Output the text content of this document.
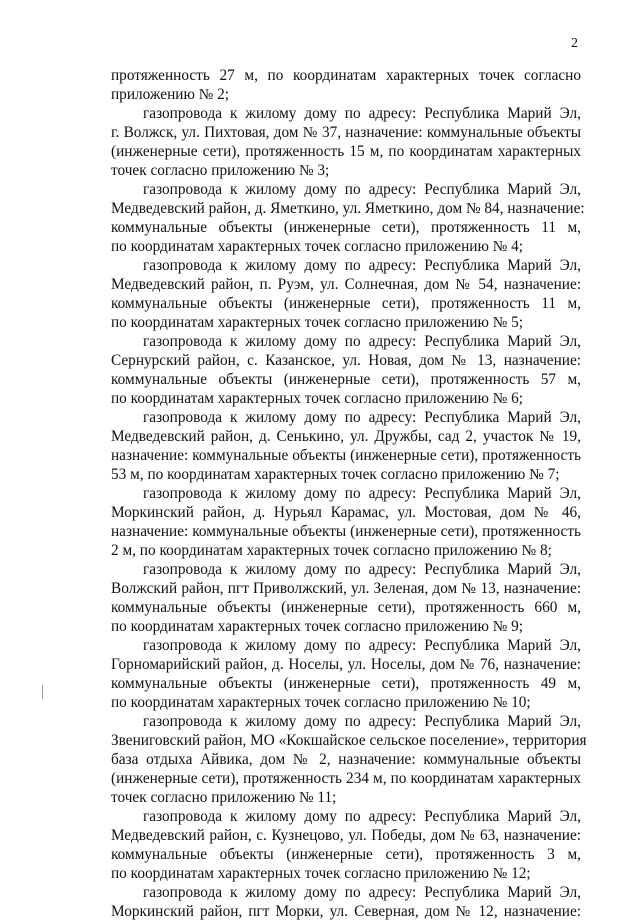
2
протяженность 27 м, по координатам характерных точек согласно
приложению № 2;
газопровода к жилому дому по адресу: Республика Марий Эл,
г. Волжск, ул. Пихтовая, дом № 37, назначение: коммунальные объекты
(инженерные сети), протяженность 15 м, по координатам характерных
точек согласно приложению № 3;
газопровода к жилому дому по адресу: Республика Марий Эл,
Медведевский район, д. Яметкино, ул. Яметкино, дом № 84, назначение:
коммунальные объекты (инженерные сети), протяженность 11 м,
по координатам характерных точек согласно приложению № 4;
газопровода к жилому дому по адресу: Республика Марий Эл,
Медведевский район, п. Руэм, ул. Солнечная, дом № 54, назначение:
коммунальные объекты (инженерные сети), протяженность 11 м,
по координатам характерных точек согласно приложению № 5;
газопровода к жилому дому по адресу: Республика Марий Эл,
Сернурский район, с. Казанское, ул. Новая, дом № 13, назначение:
коммунальные объекты (инженерные сети), протяженность 57 м,
по координатам характерных точек согласно приложению № 6;
газопровода к жилому дому по адресу: Республика Марий Эл,
Медведевский район, д. Сенькино, ул. Дружбы, сад 2, участок № 19,
назначение: коммунальные объекты (инженерные сети), протяженность
53 м, по координатам характерных точек согласно приложению № 7;
газопровода к жилому дому по адресу: Республика Марий Эл,
Моркинский район, д. Нурьял Карамас, ул. Мостовая, дом № 46,
назначение: коммунальные объекты (инженерные сети), протяженность
2 м, по координатам характерных точек согласно приложению № 8;
газопровода к жилому дому по адресу: Республика Марий Эл,
Волжский район, пгт Приволжский, ул. Зеленая, дом № 13, назначение:
коммунальные объекты (инженерные сети), протяженность 660 м,
по координатам характерных точек согласно приложению № 9;
газопровода к жилому дому по адресу: Республика Марий Эл,
Горномарийский район, д. Носелы, ул. Носелы, дом № 76, назначение:
коммунальные объекты (инженерные сети), протяженность 49 м,
по координатам характерных точек согласно приложению № 10;
газопровода к жилому дому по адресу: Республика Марий Эл,
Звениговский район, МО «Кокшайское сельское поселение», территория
база отдыха Айвика, дом № 2, назначение: коммунальные объекты
(инженерные сети), протяженность 234 м, по координатам характерных
точек согласно приложению № 11;
газопровода к жилому дому по адресу: Республика Марий Эл,
Медведевский район, с. Кузнецово, ул. Победы, дом № 63, назначение:
коммунальные объекты (инженерные сети), протяженность 3 м,
по координатам характерных точек согласно приложению № 12;
газопровода к жилому дому по адресу: Республика Марий Эл,
Моркинский район, пгт Морки, ул. Северная, дом № 12, назначение:
